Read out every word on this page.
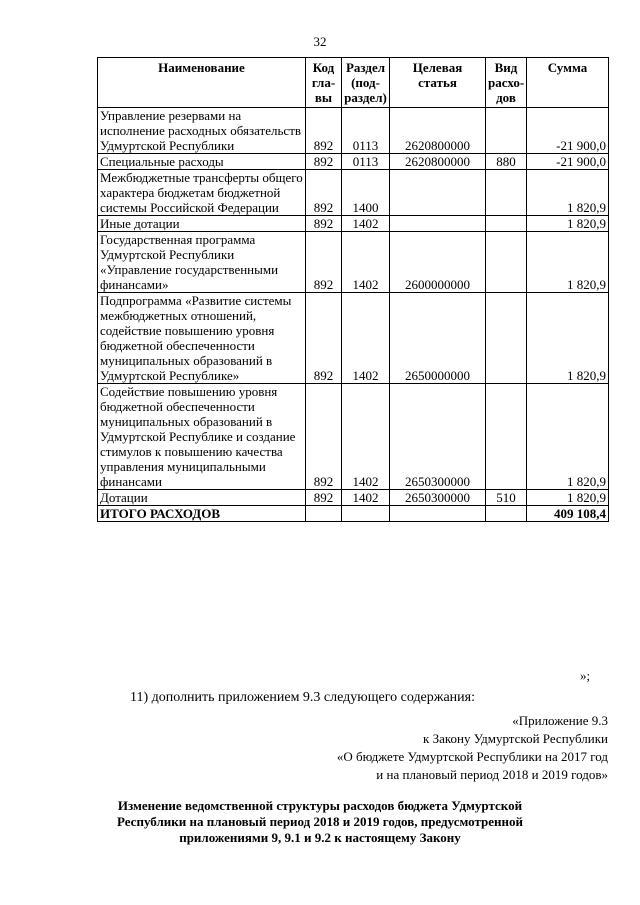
32
Наименование	Код гла- вы	Раздел (под- раздел)	Целевая статья	Вид расхо- дов	Сумма
Управление резервами на исполнение расходных обязательств Удмуртской Республики	892	0113	2620800000		-21 900,0
Специальные расходы	892	0113	2620800000	880	-21 900,0
Межбюджетные трансферты общего характера бюджетам бюджетной системы Российской Федерации	892	1400			1 820,9
Иные дотации	892	1402			1 820,9
Государственная программа Удмуртской Республики «Управление государственными финансами»	892	1402	2600000000		1 820,9
Подпрограмма «Развитие системы межбюджетных отношений, содействие повышению уровня бюджетной обеспеченности муниципальных образований в Удмуртской Республике»	892	1402	2650000000		1 820,9
Содействие повышению уровня бюджетной обеспеченности муниципальных образований в Удмуртской Республике и создание стимулов к повышению качества управления муниципальными финансами	892	1402	2650300000		1 820,9
Дотации	892	1402	2650300000	510	1 820,9
ИТОГО РАСХОДОВ					409 108,4
»;
11) дополнить приложением 9.3 следующего содержания:
«Приложение 9.3
к Закону Удмуртской Республики
«О бюджете Удмуртской Республики на 2017 год
и на плановый период 2018 и 2019 годов»
Изменение ведомственной структуры расходов бюджета Удмуртской Республики на плановый период 2018 и 2019 годов, предусмотренной приложениями 9, 9.1 и 9.2 к настоящему Закону
